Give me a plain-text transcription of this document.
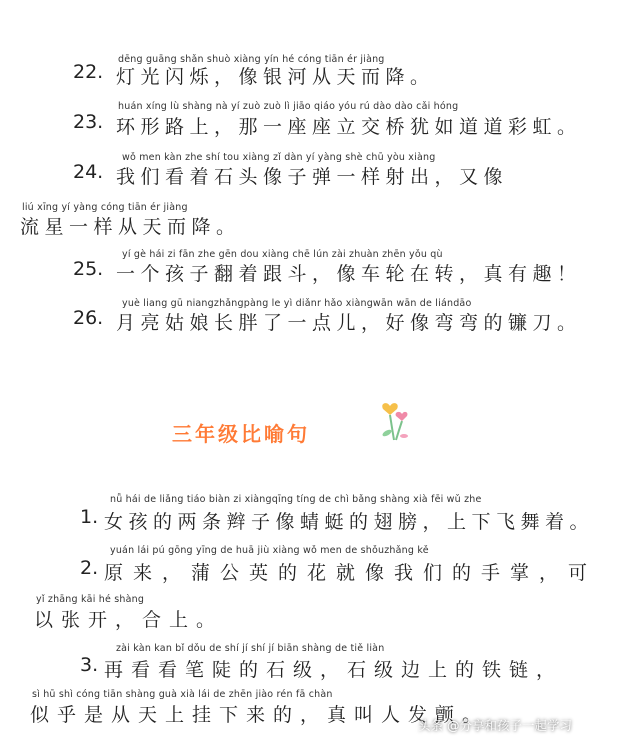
dēng guāng shǎn shuò xiàng yín hé cóng tiān ér jiàng
22. 灯光闪烁，像银河从天而降。
huán xíng lù shàng nà yí zuò zuò lì jiāo qiáo yóu rú dào dào cǎi hóng
23. 环形路上，那一座座立交桥犹如道道彩虹。
wǒ men kàn zhe shí tou xiàng zǐ dàn yí yàng shè chū yòu xiàng
24. 我们看着石头像子弹一样射出，又像
liú xīng yí yàng cóng tiān ér jiàng
流星一样从天而降。
yí gè hái zi fān zhe gēn dou xiàng chē lún zài zhuàn zhēn yǒu qù
25. 一个孩子翻着跟斗，像车轮在转，真有趣！
yuè liang gū niangzhǎngpàng le yì diǎnr hǎo xiàngwān wān de liándāo
26. 月亮姑娘长胖了一点儿，好像弯弯的镰刀。
三年级比喻句
nǚ hái de liǎng tiáo biàn zi xiàngqīng tíng de chì bǎng shàng xià fēi wǔ zhe
1. 女孩的两条辫子像蜻蜓的翅膀，上下飞舞着。
yuán lái pú gōng yīng de huā jiù xiàng wǒ men de shǒuzhǎng kě
2. 原来，蒲公英的花就像我们的手掌，可
yǐ zhāng kāi hé shàng
以张开，合上。
zài kàn kan bǐ dǒu de shí jí shí jí biān shàng de tiě liàn
3. 再看看笔陡的石级，石级边上的铁链，
sì hū shì cóng tiān shàng guà xià lái de zhēn jiào rén fā chàn
似乎是从天上挂下来的，真叫人发颤。
头条 @分享和孩子一起学习
